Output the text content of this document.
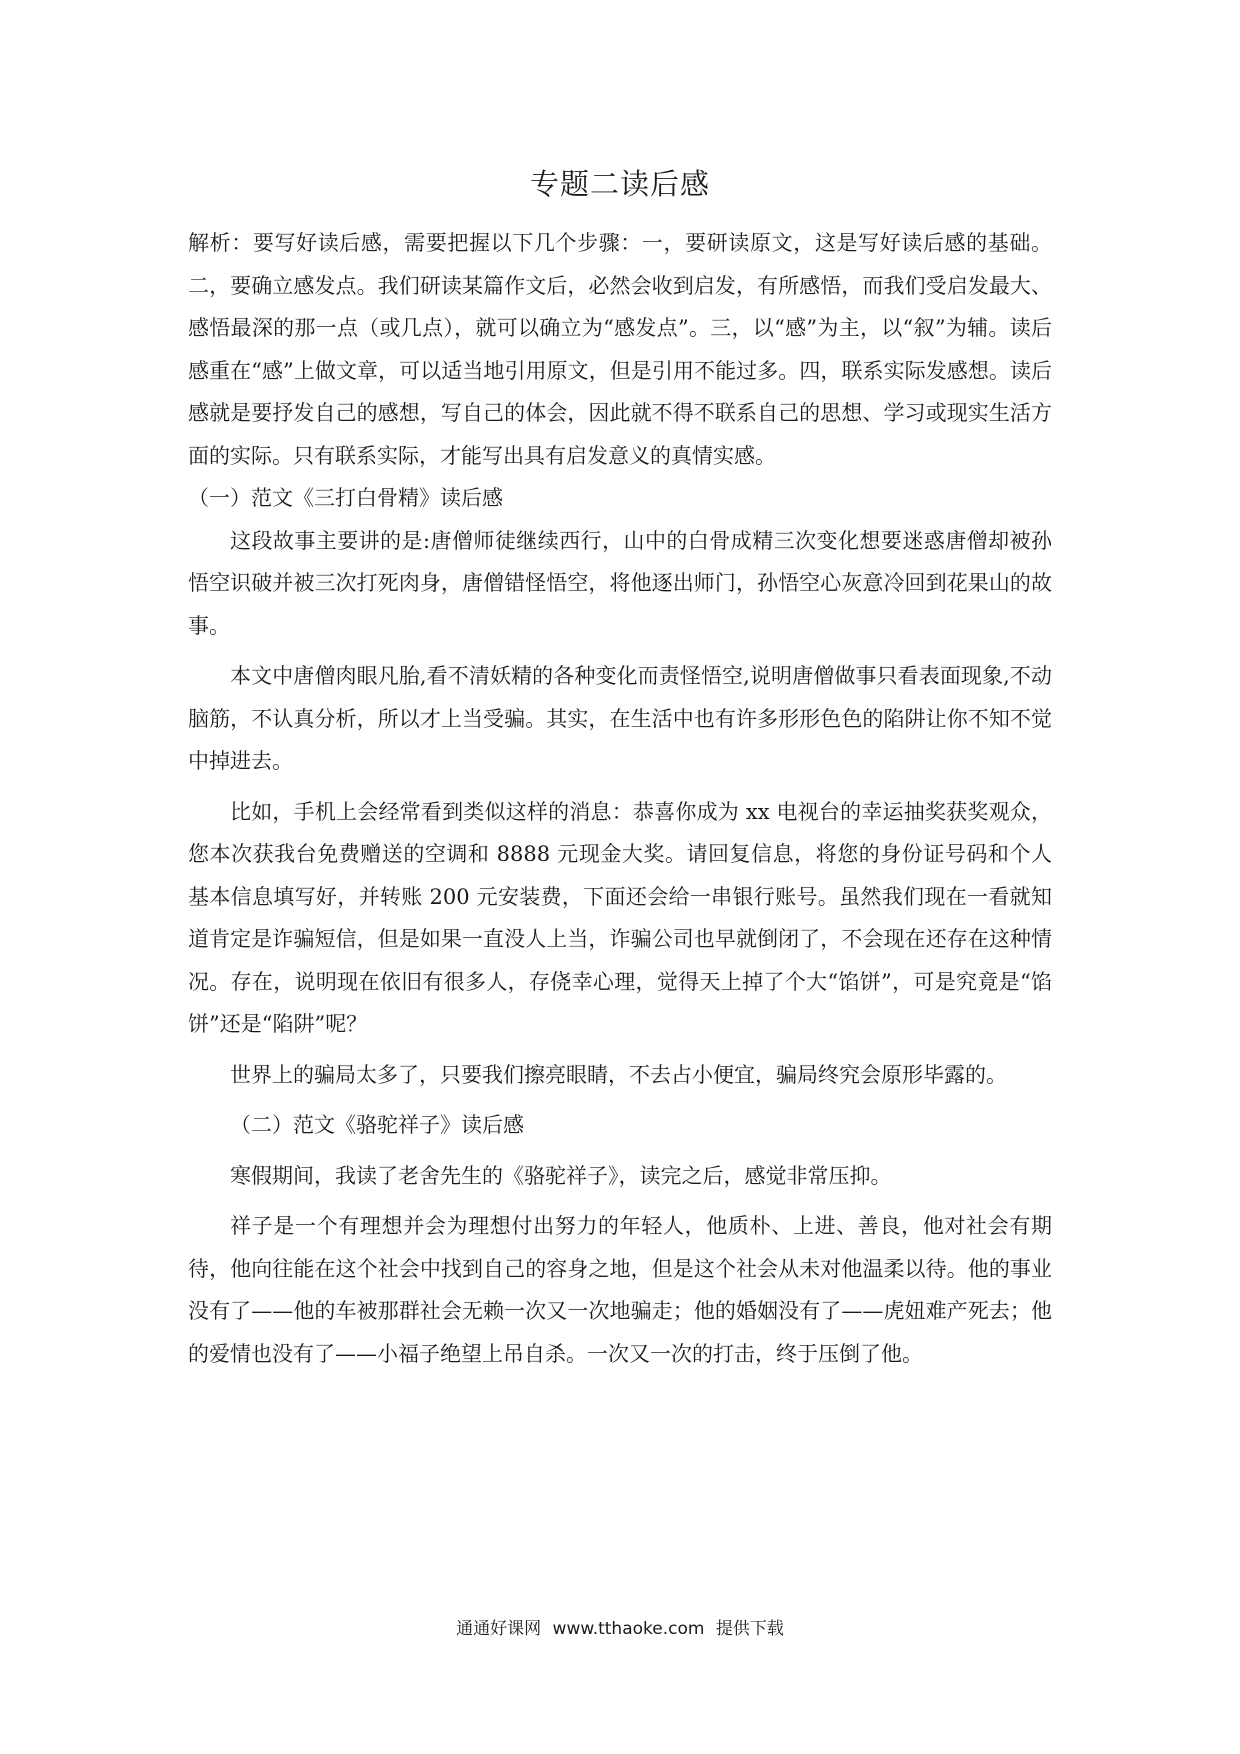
专题二读后感

解析：要写好读后感，需要把握以下几个步骤：一，要研读原文，这是写好读后感的基础。二，要确立感发点。我们研读某篇作文后，必然会收到启发，有所感悟，而我们受启发最大、感悟最深的那一点（或几点），就可以确立为“感发点”。三，以“感”为主，以“叙”为辅。读后感重在“感”上做文章，可以适当地引用原文，但是引用不能过多。四，联系实际发感想。读后感就是要抒发自己的感想，写自己的体会，因此就不得不联系自己的思想、学习或现实生活方面的实际。只有联系实际，才能写出具有启发意义的真情实感。

（一）范文《三打白骨精》读后感

这段故事主要讲的是:唐僧师徒继续西行，山中的白骨成精三次变化想要迷惑唐僧却被孙悟空识破并被三次打死肉身，唐僧错怪悟空，将他逐出师门，孙悟空心灰意冷回到花果山的故事。

本文中唐僧肉眼凡胎,看不清妖精的各种变化而责怪悟空,说明唐僧做事只看表面现象,不动脑筋，不认真分析，所以才上当受骗。其实，在生活中也有许多形形色色的陷阱让你不知不觉中掉进去。

比如，手机上会经常看到类似这样的消息：恭喜你成为 xx 电视台的幸运抽奖获奖观众，您本次获我台免费赠送的空调和 8888 元现金大奖。请回复信息，将您的身份证号码和个人基本信息填写好，并转账 200 元安装费，下面还会给一串银行账号。虽然我们现在一看就知道肯定是诈骗短信，但是如果一直没人上当，诈骗公司也早就倒闭了，不会现在还存在这种情况。存在，说明现在依旧有很多人，存侥幸心理，觉得天上掉了个大“馅饼”，可是究竟是“馅饼”还是“陷阱”呢？

世界上的骗局太多了，只要我们擦亮眼睛，不去占小便宜，骗局终究会原形毕露的。

（二）范文《骆驼祥子》读后感

寒假期间，我读了老舍先生的《骆驼祥子》，读完之后，感觉非常压抑。

祥子是一个有理想并会为理想付出努力的年轻人，他质朴、上进、善良，他对社会有期待，他向往能在这个社会中找到自己的容身之地，但是这个社会从未对他温柔以待。他的事业没有了——他的车被那群社会无赖一次又一次地骗走；他的婚姻没有了——虎妞难产死去；他的爱情也没有了——小福子绝望上吊自杀。一次又一次的打击，终于压倒了他。

通通好课网 www.tthaoke.com 提供下载
